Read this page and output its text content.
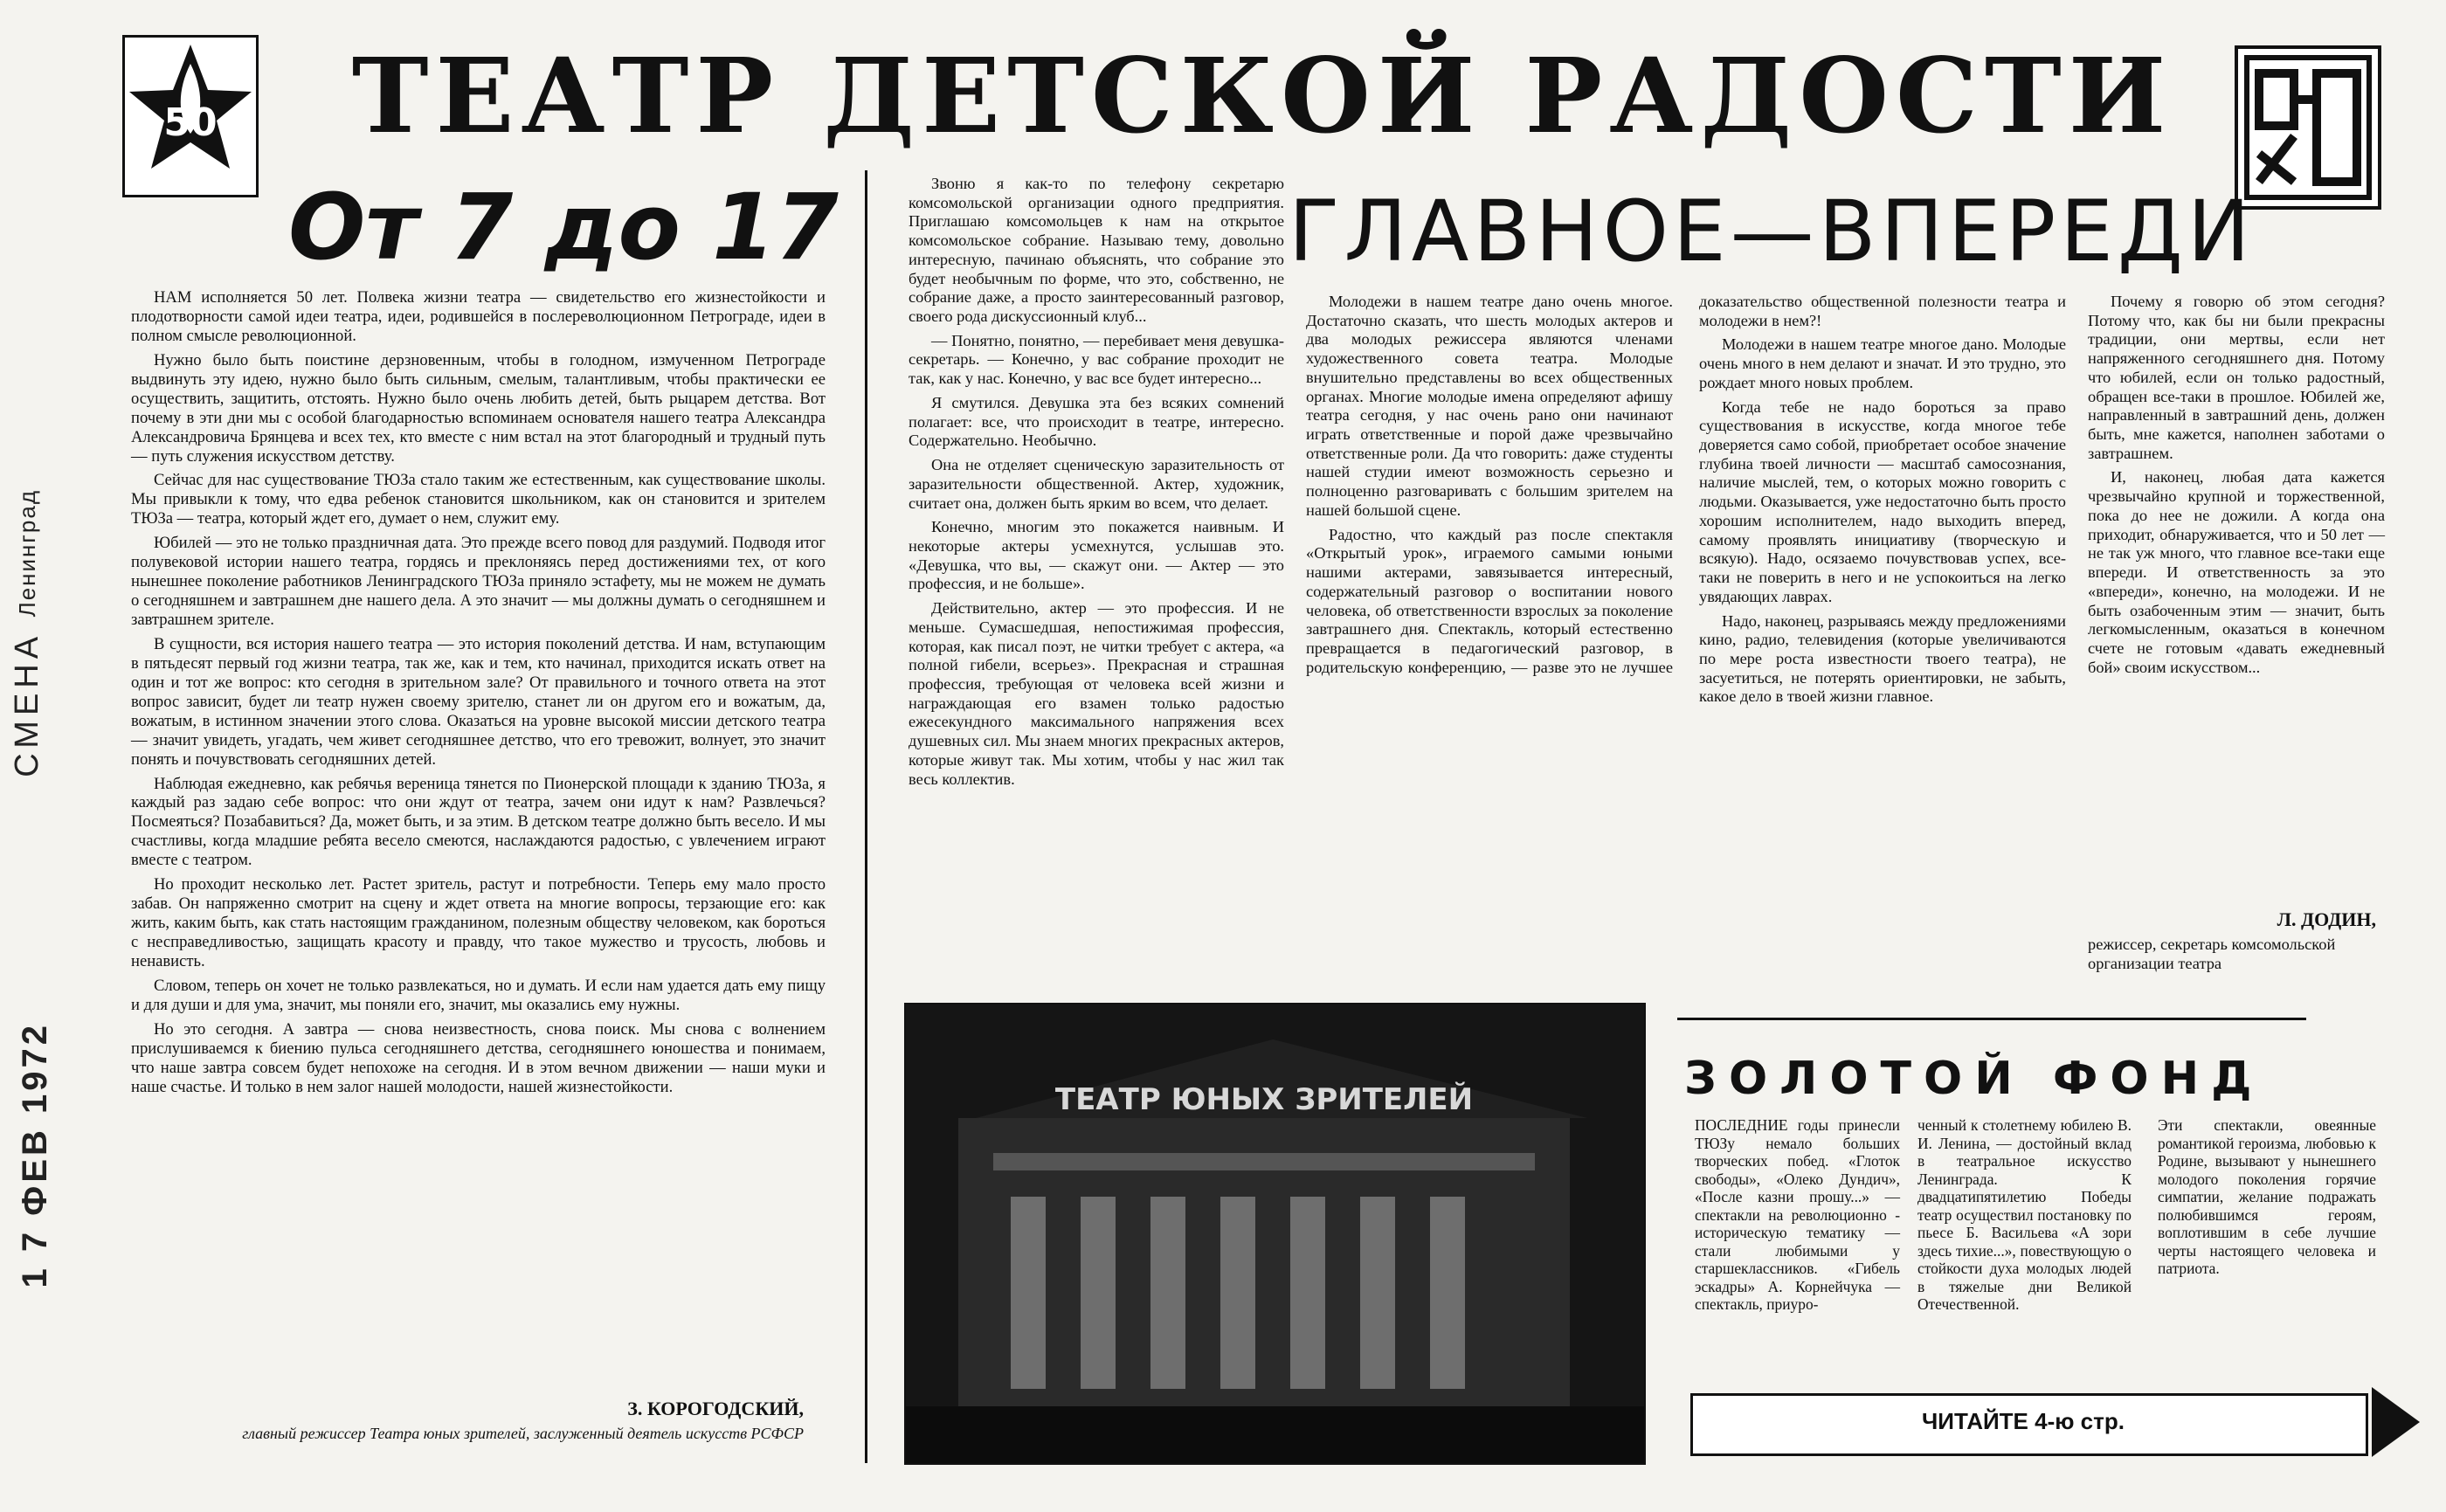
СМЕНА Ленинград
1 7 ФЕВ 1972
50	ТЕАТР ДЕТСКОЙ РАДОСТИ
От 7 до 17	ГЛАВНОЕ—ВПЕРЕДИ

НАМ исполняется 50 лет. Полвека жизни театра — свидетельство его жизнестойкости и плодотворности самой идеи театра, идеи, родившейся в послереволюционном Петрограде, идеи в полном смысле революционной.

Нужно было быть поистине дерзновенным, чтобы в голодном, измученном Петрограде выдвинуть эту идею, нужно было быть сильным, смелым, талантливым, чтобы практически ее осуществить, защитить, отстоять. Нужно было очень любить детей, быть рыцарем детства. Вот почему в эти дни мы с особой благодарностью вспоминаем основателя нашего театра Александра Александровича Брянцева и всех тех, кто вместе с ним встал на этот благородный и трудный путь — путь служения искусством детству.

Сейчас для нас существование ТЮЗа стало таким же естественным, как существование школы. Мы привыкли к тому, что едва ребенок становится школьником, как он становится и зрителем ТЮЗа — театра, который ждет его, думает о нем, служит ему.

Юбилей — это не только праздничная дата. Это прежде всего повод для раздумий. Подводя итог полувековой истории нашего театра, гордясь и преклоняясь перед достижениями тех, от кого нынешнее поколение работников Ленинградского ТЮЗа приняло эстафету, мы не можем не думать о сегодняшнем и завтрашнем дне нашего дела. А это значит — мы должны думать о сегодняшнем и завтрашнем зрителе.

В сущности, вся история нашего театра — это история поколений детства. И нам, вступающим в пятьдесят первый год жизни театра, так же, как и тем, кто начинал, приходится искать ответ на один и тот же вопрос: кто сегодня в зрительном зале? От правильного и точного ответа на этот вопрос зависит, будет ли театр нужен своему зрителю, станет ли он другом его и вожатым, да, вожатым, в истинном значении этого слова. Оказаться на уровне высокой миссии детского театра — значит увидеть, угадать, чем живет сегодняшнее детство, что его тревожит, волнует, это значит понять и почувствовать сегодняшних детей.

Наблюдая ежедневно, как ребячья вереница тянется по Пионерской площади к зданию ТЮЗа, я каждый раз задаю себе вопрос: что они ждут от театра, зачем они идут к нам? Развлечься? Посмеяться? Позабавиться? Да, может быть, и за этим. В детском театре должно быть весело. И мы счастливы, когда младшие ребята весело смеются, наслаждаются радостью, с увлечением играют вместе с театром.

Но проходит несколько лет. Растет зритель, растут и потребности. Теперь ему мало просто забав. Он напряженно смотрит на сцену и ждет ответа на многие вопросы, терзающие его: как жить, каким быть, как стать настоящим гражданином, полезным обществу человеком, как бороться с несправедливостью, защищать красоту и правду, что такое мужество и трусость, любовь и ненависть.

Словом, теперь он хочет не только развлекаться, но и думать. И если нам удается дать ему пищу и для души и для ума, значит, мы поняли его, значит, мы оказались ему нужны.

Но это сегодня. А завтра — снова неизвестность, снова поиск. Мы снова с волнением прислушиваемся к биению пульса сегодняшнего детства, сегодняшнего юношества и понимаем, что наше завтра совсем будет непохоже на сегодня. И в этом вечном движении — наши муки и наше счастье. И только в нем залог нашей молодости, нашей жизнестойкости.

З. КОРОГОДСКИЙ,
главный режиссер Театра юных зрителей, заслуженный деятель искусств РСФСР

Звоню я как-то по телефону секретарю комсомольской организации одного предприятия. Приглашаю комсомольцев к нам на открытое комсомольское собрание. Называю тему, довольно интересную, пачинаю объяснять, что собрание это будет необычным по форме, что это, собственно, не собрание даже, а просто заинтересованный разговор, своего рода дискуссионный клуб...

— Понятно, понятно, — перебивает меня девушка-секретарь. — Конечно, у вас собрание проходит не так, как у нас. Конечно, у вас все будет интересно...

Я смутился. Девушка эта без всяких сомнений полагает: все, что происходит в театре, интересно. Содержательно. Необычно.

Она не отделяет сценическую заразительность от заразительности общественной. Актер, художник, считает она, должен быть ярким во всем, что делает.

Конечно, многим это покажется наивным. И некоторые актеры усмехнутся, услышав это. «Девушка, что вы, — скажут они. — Актер — это профессия, и не больше».

Действительно, актер — это профессия. И не меньше. Сумасшедшая, непостижимая профессия, которая, как писал поэт, не читки требует с актера, «а полной гибели, всерьез». Прекрасная и страшная профессия, требующая от человека всей жизни и награждающая его взамен только радостью ежесекундного максимального напряжения всех душевных сил. Мы знаем многих прекрасных актеров, которые живут так. Мы хотим, чтобы у нас жил так весь коллектив.

Молодежи в нашем театре дано очень многое. Достаточно сказать, что шесть молодых актеров и два молодых режиссера являются членами художественного совета театра. Молодые внушительно представлены во всех общественных органах. Многие молодые имена определяют афишу театра сегодня, у нас очень рано они начинают играть ответственные и порой даже чрезвычайно ответственные роли. Да что говорить: даже студенты нашей студии имеют возможность серьезно и полноценно разговаривать с большим зрителем на нашей большой сцене.

Радостно, что каждый раз после спектакля «Открытый урок», играемого самыми юными нашими актерами, завязывается интересный, содержательный разговор о воспитании нового человека, об ответственности взрослых за поколение завтрашнего дня. Спектакль, который естественно превращается в педагогический разговор, в родительскую конференцию, — разве это не лучшее доказательство общественной полезности театра и молодежи в нем?!

Молодежи в нашем театре многое дано. Молодые очень много в нем делают и значат. И это трудно, это рождает много новых проблем.

Когда тебе не надо бороться за право существования в искусстве, когда многое тебе доверяется само собой, приобретает особое значение глубина твоей личности — масштаб самосознания, наличие мыслей, тем, о которых можно говорить с людьми. Оказывается, уже недостаточно быть просто хорошим исполнителем, надо выходить вперед, самому проявлять инициативу (творческую и всякую). Надо, осязаемо почувствовав успех, все-таки не поверить в него и не успокоиться на легко увядающих лаврах.

Надо, наконец, разрываясь между предложениями кино, радио, телевидения (которые увеличиваются по мере роста известности твоего театра), не засуетиться, не потерять ориентировки, не забыть, какое дело в твоей жизни главное.

Почему я говорю об этом сегодня? Потому что, как бы ни были прекрасны традиции, они мертвы, если нет напряженного сегодняшнего дня. Потому что юбилей, если он только радостный, обращен все-таки в прошлое. Юбилей же, направленный в завтрашний день, должен быть, мне кажется, наполнен заботами о завтрашнем.

И, наконец, любая дата кажется чрезвычайно крупной и торжественной, пока до нее не дожили. А когда она приходит, обнаруживается, что и 50 лет — не так уж много, что главное все-таки еще впереди. И ответственность за это «впереди», конечно, на молодежи. И не быть озабоченным этим — значит, быть легкомысленным, оказаться в конечном счете не готовым «давать ежедневный бой» своим искусством...

Л. ДОДИН,
режиссер, секретарь комсомольской организации театра
ТЕАТР ЮНЫХ ЗРИТЕЛЕЙ	ЗОЛОТОЙ ФОНД
ПОСЛЕДНИЕ годы принесли ТЮЗу немало больших творческих побед. «Глоток свободы», «Олеко Дундич», «После казни прошу...» — спектакли на революционно - историческую тематику — стали любимыми у старшеклассников. «Гибель эскадры» А. Корнейчука — спектакль, приуро-
ченный к столетнему юбилею В. И. Ленина, — достойный вклад в театральное искусство Ленинграда. К двадцатипятилетию Победы театр осуществил постановку по пьесе Б. Васильева «А зори здесь тихие...», повествующую о стойкости духа молодых людей в тяжелые дни Великой Отечественной.
Эти спектакли, овеянные романтикой героизма, любовью к Родине, вызывают у нынешнего молодого поколения горячие симпатии, желание подражать полюбившимся героям, воплотившим в себе лучшие черты настоящего человека и патриота.
ЧИТАЙТЕ 4-ю стр.
